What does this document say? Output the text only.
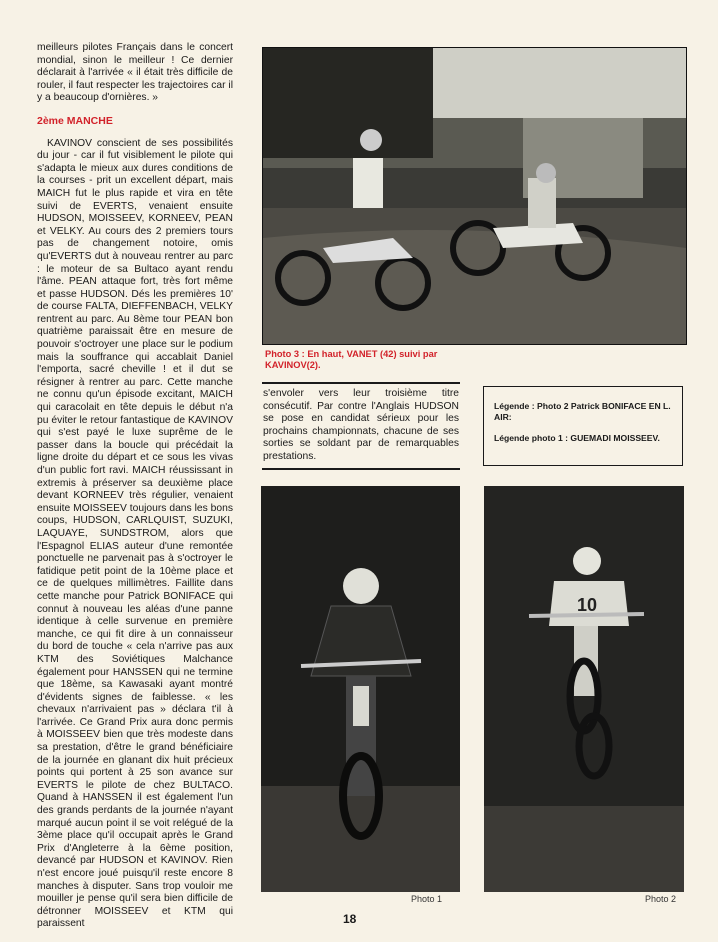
meilleurs pilotes Français dans le concert mondial, sinon le meilleur ! Ce dernier déclarait à l'arrivée « il était très difficile de rouler, il faut respecter les trajectoires car il y a beaucoup d'ornières. »

2ème MANCHE

KAVINOV conscient de ses possibilités du jour - car il fut visiblement le pilote qui s'adapta le mieux aux dures conditions de la courses - prit un excellent départ, mais MAICH fut le plus rapide et vira en tête suivi de EVERTS, venaient ensuite HUDSON, MOISSEEV, KORNEEV, PEAN et VELKY. Au cours des 2 premiers tours pas de changement notoire, omis qu'EVERTS dut à nouveau rentrer au parc : le moteur de sa Bultaco ayant rendu l'âme. PEAN attaque fort, très fort même et passe HUDSON. Dés les premières 10' de course FALTA, DIEFFENBACH, VELKY rentrent au parc. Au 8ème tour PEAN bon quatrième paraissait être en mesure de pouvoir s'octroyer une place sur le podium mais la souffrance qui accablait Daniel l'emporta, sacré cheville ! et il dut se résigner à rentrer au parc. Cette manche ne connu qu'un épisode excitant, MAICH qui caracolait en tête depuis le début n'a pu éviter le retour fantastique de KAVINOV qui s'est payé le luxe suprême de le passer dans la boucle qui précédait la ligne droite du départ et ce sous les vivas d'un public fort ravi. MAICH réussissant in extremis à préserver sa deuxième place devant KORNEEV très régulier, venaient ensuite MOISSEEV toujours dans les bons coups, HUDSON, CARLQUIST, SUZUKI, LAQUAYE, SUNDSTROM, alors que l'Espagnol ELIAS auteur d'une remontée ponctuelle ne parvenait pas à s'octroyer le fatidique petit point de la 10ème place et ce de quelques millimètres. Faillite dans cette manche pour Patrick BONIFACE qui connut à nouveau les aléas d'une panne identique à celle survenue en première manche, ce qui fit dire à un connaisseur du bord de touche « cela n'arrive pas aux KTM des Soviétiques Malchance également pour HANSSEN qui ne termine que 18ème, sa Kawasaki ayant montré d'évidents signes de faiblesse. « les chevaux n'arrivaient pas » déclara t'il à l'arrivée. Ce Grand Prix aura donc permis à MOISSEEV bien que très modeste dans sa prestation, d'être le grand bénéficiaire de la journée en glanant dix huit précieux points qui portent à 25 son avance sur EVERTS le pilote de chez BULTACO. Quand à HANSSEN il est également l'un des grands perdants de la journée n'ayant marqué aucun point il se voit relégué de la 3ème place qu'il occupait après le Grand Prix d'Angleterre à la 6ème position, devancé par HUDSON et KAVINOV. Rien n'est encore joué puisqu'il reste encore 8 manches à disputer. Sans trop vouloir me mouiller je pense qu'il sera bien difficile de détronner MOISSEEV et KTM qui paraissent

Photo 3 : En haut, VANET (42) suivi par KAVINOV(2).

s'envoler vers leur troisième titre consécutif. Par contre l'Anglais HUDSON se pose en candidat sérieux pour les prochains championnats, chacune de ses sorties se soldant par de remarquables prestations.

Légende : Photo 2 Patrick BONIFACE EN L. AIR:

Légende photo 1 : GUEMADI MOISSEEV.

Photo 1
10
Photo 2
18
